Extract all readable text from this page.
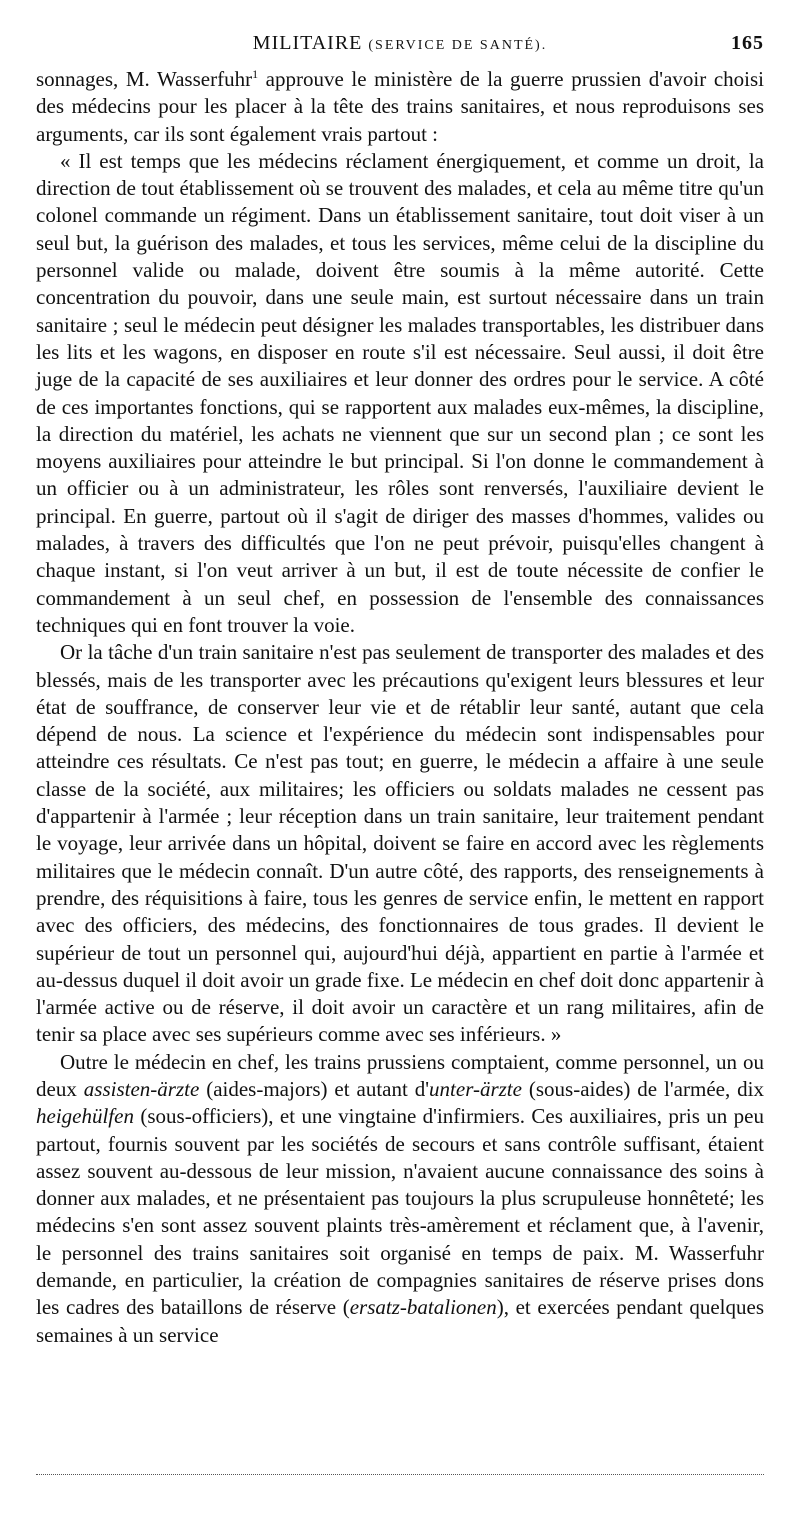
MILITAIRE (SERVICE DE SANTÉ).	165

sonnages, M. Wasserfuhr$^1$ approuve le ministère de la guerre prussien d'avoir choisi des médecins pour les placer à la tête des trains sanitaires, et nous reproduisons ses arguments, car ils sont également vrais partout :

« Il est temps que les médecins réclament énergiquement, et comme un droit, la direction de tout établissement où se trouvent des malades, et cela au même titre qu'un colonel commande un régiment. Dans un établissement sanitaire, tout doit viser à un seul but, la guérison des malades, et tous les services, même celui de la discipline du personnel valide ou malade, doivent être soumis à la même autorité. Cette concentration du pouvoir, dans une seule main, est surtout nécessaire dans un train sanitaire ; seul le médecin peut désigner les malades transportables, les distribuer dans les lits et les wagons, en disposer en route s'il est nécessaire. Seul aussi, il doit être juge de la capacité de ses auxiliaires et leur donner des ordres pour le service. A côté de ces importantes fonctions, qui se rapportent aux malades eux-mêmes, la discipline, la direction du matériel, les achats ne viennent que sur un second plan ; ce sont les moyens auxiliaires pour atteindre le but principal. Si l'on donne le commandement à un officier ou à un administrateur, les rôles sont renversés, l'auxiliaire devient le principal. En guerre, partout où il s'agit de diriger des masses d'hommes, valides ou malades, à travers des difficultés que l'on ne peut prévoir, puisqu'elles changent à chaque instant, si l'on veut arriver à un but, il est de toute nécessite de confier le commandement à un seul chef, en possession de l'ensemble des connaissances techniques qui en font trouver la voie.

Or la tâche d'un train sanitaire n'est pas seulement de transporter des malades et des blessés, mais de les transporter avec les précautions qu'exigent leurs blessures et leur état de souffrance, de conserver leur vie et de rétablir leur santé, autant que cela dépend de nous. La science et l'expérience du médecin sont indispensables pour atteindre ces résultats. Ce n'est pas tout; en guerre, le médecin a affaire à une seule classe de la société, aux militaires; les officiers ou soldats malades ne cessent pas d'appartenir à l'armée ; leur réception dans un train sanitaire, leur traitement pendant le voyage, leur arrivée dans un hôpital, doivent se faire en accord avec les règlements militaires que le médecin connaît. D'un autre côté, des rapports, des renseignements à prendre, des réquisitions à faire, tous les genres de service enfin, le mettent en rapport avec des officiers, des médecins, des fonctionnaires de tous grades. Il devient le supérieur de tout un personnel qui, aujourd'hui déjà, appartient en partie à l'armée et au-dessus duquel il doit avoir un grade fixe. Le médecin en chef doit donc appartenir à l'armée active ou de réserve, il doit avoir un caractère et un rang militaires, afin de tenir sa place avec ses supérieurs comme avec ses inférieurs. »

Outre le médecin en chef, les trains prussiens comptaient, comme personnel, un ou deux assisten-ärzte (aides-majors) et autant d'unter-ärzte (sous-aides) de l'armée, dix heigehülfen (sous-officiers), et une vingtaine d'infirmiers. Ces auxiliaires, pris un peu partout, fournis souvent par les sociétés de secours et sans contrôle suffisant, étaient assez souvent au-dessous de leur mission, n'avaient aucune connaissance des soins à donner aux malades, et ne présentaient pas toujours la plus scrupuleuse honnêteté; les médecins s'en sont assez souvent plaints très-amèrement et réclament que, à l'avenir, le personnel des trains sanitaires soit organisé en temps de paix. M. Wasserfuhr demande, en particulier, la création de compagnies sanitaires de réserve prises dons les cadres des bataillons de réserve (ersatz-batalionen), et exercées pendant quelques semaines à un service
